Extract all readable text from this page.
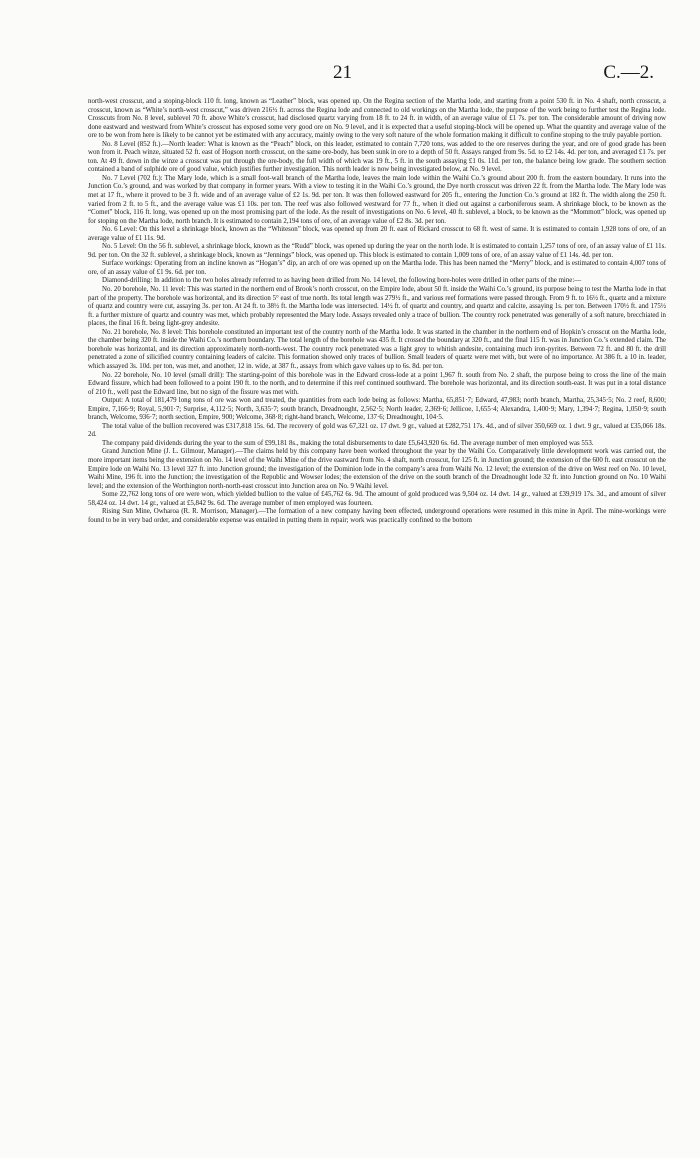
21	C.—2.

north-west crosscut, and a stoping-block 110 ft. long, known as “Leather” block, was opened up. On the Regina section of the Martha lode, and starting from a point 530 ft. in No. 4 shaft, north crosscut, a crosscut, known as “White’s north-west crosscut,” was driven 216½ ft. across the Regina lode and connected to old workings on the Martha lode, the purpose of the work being to further test the Regina lode. Crosscuts from No. 8 level, sublevel 70 ft. above White’s crosscut, had disclosed quartz varying from 18 ft. to 24 ft. in width, of an average value of £1 7s. per ton. The considerable amount of driving now done eastward and westward from White’s crosscut has exposed some very good ore on No. 9 level, and it is expected that a useful stoping-block will be opened up. What the quantity and average value of the ore to be won from here is likely to be cannot yet be estimated with any accuracy, mainly owing to the very soft nature of the whole formation making it difficult to confine stoping to the truly payable portion.

No. 8 Level (852 ft.).—North leader: What is known as the “Peach” block, on this leader, estimated to contain 7,720 tons, was added to the ore reserves during the year, and ore of good grade has been won from it. Peach winze, situated 52 ft. east of Hogson north crosscut, on the same ore-body, has been sunk in ore to a depth of 50 ft. Assays ranged from 9s. 5d. to £2 14s. 4d. per ton, and averaged £1 7s. per ton. At 49 ft. down in the winze a crosscut was put through the ore-body, the full width of which was 19 ft., 5 ft. in the south assaying £1 0s. 11d. per ton, the balance being low grade. The southern section contained a band of sulphide ore of good value, which justifies further investigation. This north leader is now being investigated below, at No. 9 level.

No. 7 Level (702 ft.): The Mary lode, which is a small foot-wall branch of the Martha lode, leaves the main lode within the Waihi Co.’s ground about 200 ft. from the eastern boundary. It runs into the Junction Co.’s ground, and was worked by that company in former years. With a view to testing it in the Waihi Co.’s ground, the Dye north crosscut was driven 22 ft. from the Martha lode. The Mary lode was met at 17 ft., where it proved to be 3 ft. wide and of an average value of £2 1s. 9d. per ton. It was then followed eastward for 205 ft., entering the Junction Co.’s ground at 182 ft. The width along the 250 ft. varied from 2 ft. to 5 ft., and the average value was £1 10s. per ton. The reef was also followed westward for 77 ft., when it died out against a carboniferous seam. A shrinkage block, to be known as the “Comet” block, 116 ft. long, was opened up on the most promising part of the lode. As the result of investigations on No. 6 level, 40 ft. sublevel, a block, to be known as the “Mommott” block, was opened up for stoping on the Martha lode, north branch. It is estimated to contain 2,194 tons of ore, of an average value of £2 8s. 3d. per ton.

No. 6 Level: On this level a shrinkage block, known as the “Whiteson” block, was opened up from 20 ft. east of Rickard crosscut to 68 ft. west of same. It is estimated to contain 1,928 tons of ore, of an average value of £1 11s. 9d.

No. 5 Level: On the 56 ft. sublevel, a shrinkage block, known as the “Rudd” block, was opened up during the year on the north lode. It is estimated to contain 1,257 tons of ore, of an assay value of £1 11s. 9d. per ton. On the 32 ft. sublevel, a shrinkage block, known as “Jennings” block, was opened up. This block is estimated to contain 1,009 tons of ore, of an assay value of £1 14s. 4d. per ton.

Surface workings: Operating from an incline known as “Hogan’s” dip, an arch of ore was opened up on the Martha lode. This has been named the “Merry” block, and is estimated to contain 4,007 tons of ore, of an assay value of £1 9s. 6d. per ton.

Diamond-drilling: In addition to the two holes already referred to as having been drilled from No. 14 level, the following bore-holes were drilled in other parts of the mine:—

No. 20 borehole, No. 11 level: This was started in the northern end of Brook’s north crosscut, on the Empire lode, about 50 ft. inside the Waihi Co.’s ground, its purpose being to test the Martha lode in that part of the property. The borehole was horizontal, and its direction 5° east of true north. Its total length was 279½ ft., and various reef formations were passed through. From 9 ft. to 16½ ft., quartz and a mixture of quartz and country were cut, assaying 3s. per ton. At 24 ft. to 38½ ft. the Martha lode was intersected. 14½ ft. of quartz and country, and quartz and calcite, assaying 1s. per ton. Between 170½ ft. and 175½ ft. a further mixture of quartz and country was met, which probably represented the Mary lode. Assays revealed only a trace of bullion. The country rock penetrated was generally of a soft nature, brecchiated in places, the final 16 ft. being light-grey andesite.

No. 21 borehole, No. 8 level: This borehole constituted an important test of the country north of the Martha lode. It was started in the chamber in the northern end of Hopkin’s crosscut on the Martha lode, the chamber being 320 ft. inside the Waihi Co.’s northern boundary. The total length of the borehole was 435 ft. It crossed the boundary at 320 ft., and the final 115 ft. was in Junction Co.’s extended claim. The borehole was horizontal, and its direction approximately north-north-west. The country rock penetrated was a light grey to whitish andesite, containing much iron-pyrites. Between 72 ft. and 80 ft. the drill penetrated a zone of silicified country containing leaders of calcite. This formation showed only traces of bullion. Small leaders of quartz were met with, but were of no importance. At 386 ft. a 10 in. leader, which assayed 3s. 10d. per ton, was met, and another, 12 in. wide, at 387 ft., assays from which gave values up to 6s. 8d. per ton.

No. 22 borehole, No. 10 level (small drill): The starting-point of this borehole was in the Edward cross-lode at a point 1,967 ft. south from No. 2 shaft, the purpose being to cross the line of the main Edward fissure, which had been followed to a point 190 ft. to the north, and to determine if this reef continued southward. The borehole was horizontal, and its direction south-east. It was put in a total distance of 210 ft., well past the Edward line, but no sign of the fissure was met with.

Output: A total of 181,479 long tons of ore was won and treated, the quantities from each lode being as follows: Martha, 65,851·7; Edward, 47,983; north branch, Martha, 25,345·5; No. 2 reef, 8,600; Empire, 7,166·9; Royal, 5,901·7; Surprise, 4,112·5; North, 3,635·7; south branch, Dreadnought, 2,562·5; North leader, 2,369·6; Jellicoe, 1,655·4; Alexandra, 1,400·9; Mary, 1,394·7; Regina, 1,050·9; south branch, Welcome, 936·7; north section, Empire, 900; Welcome, 368·8; right-hand branch, Welcome, 137·6; Dreadnought, 104·5.

The total value of the bullion recovered was £317,818 15s. 6d. The recovery of gold was 67,321 oz. 17 dwt. 9 gr., valued at £282,751 17s. 4d., and of silver 350,669 oz. 1 dwt. 9 gr., valued at £35,066 18s. 2d.

The company paid dividends during the year to the sum of £99,181 8s., making the total disbursements to date £5,643,920 6s. 6d. The average number of men employed was 553.

Grand Junction Mine (J. L. Gilmour, Manager).—The claims held by this company have been worked throughout the year by the Waihi Co. Comparatively little development work was carried out, the more important items being the extension on No. 14 level of the Waihi Mine of the drive eastward from No. 4 shaft, north crosscut, for 125 ft. in Junction ground; the extension of the 600 ft. east crosscut on the Empire lode on Waihi No. 13 level 327 ft. into Junction ground; the investigation of the Dominion lode in the company’s area from Waihi No. 12 level; the extension of the drive on West reef on No. 10 level, Waihi Mine, 196 ft. into the Junction; the investigation of the Republic and Wowser lodes; the extension of the drive on the south branch of the Dreadnought lode 32 ft. into Junction ground on No. 10 Waihi level; and the extension of the Worthington north-north-east crosscut into Junction area on No. 9 Waihi level.

Some 22,762 long tons of ore were won, which yielded bullion to the value of £45,762 6s. 9d. The amount of gold produced was 9,504 oz. 14 dwt. 14 gr., valued at £39,919 17s. 3d., and amount of silver 58,424 oz. 14 dwt. 14 gr., valued at £5,842 9s. 6d. The average number of men employed was fourteen.

Rising Sun Mine, Owharoa (R. R. Morrison, Manager).—The formation of a new company having been effected, underground operations were resumed in this mine in April. The mine-workings were found to be in very bad order, and considerable expense was entailed in putting them in repair; work was practically confined to the bottom
